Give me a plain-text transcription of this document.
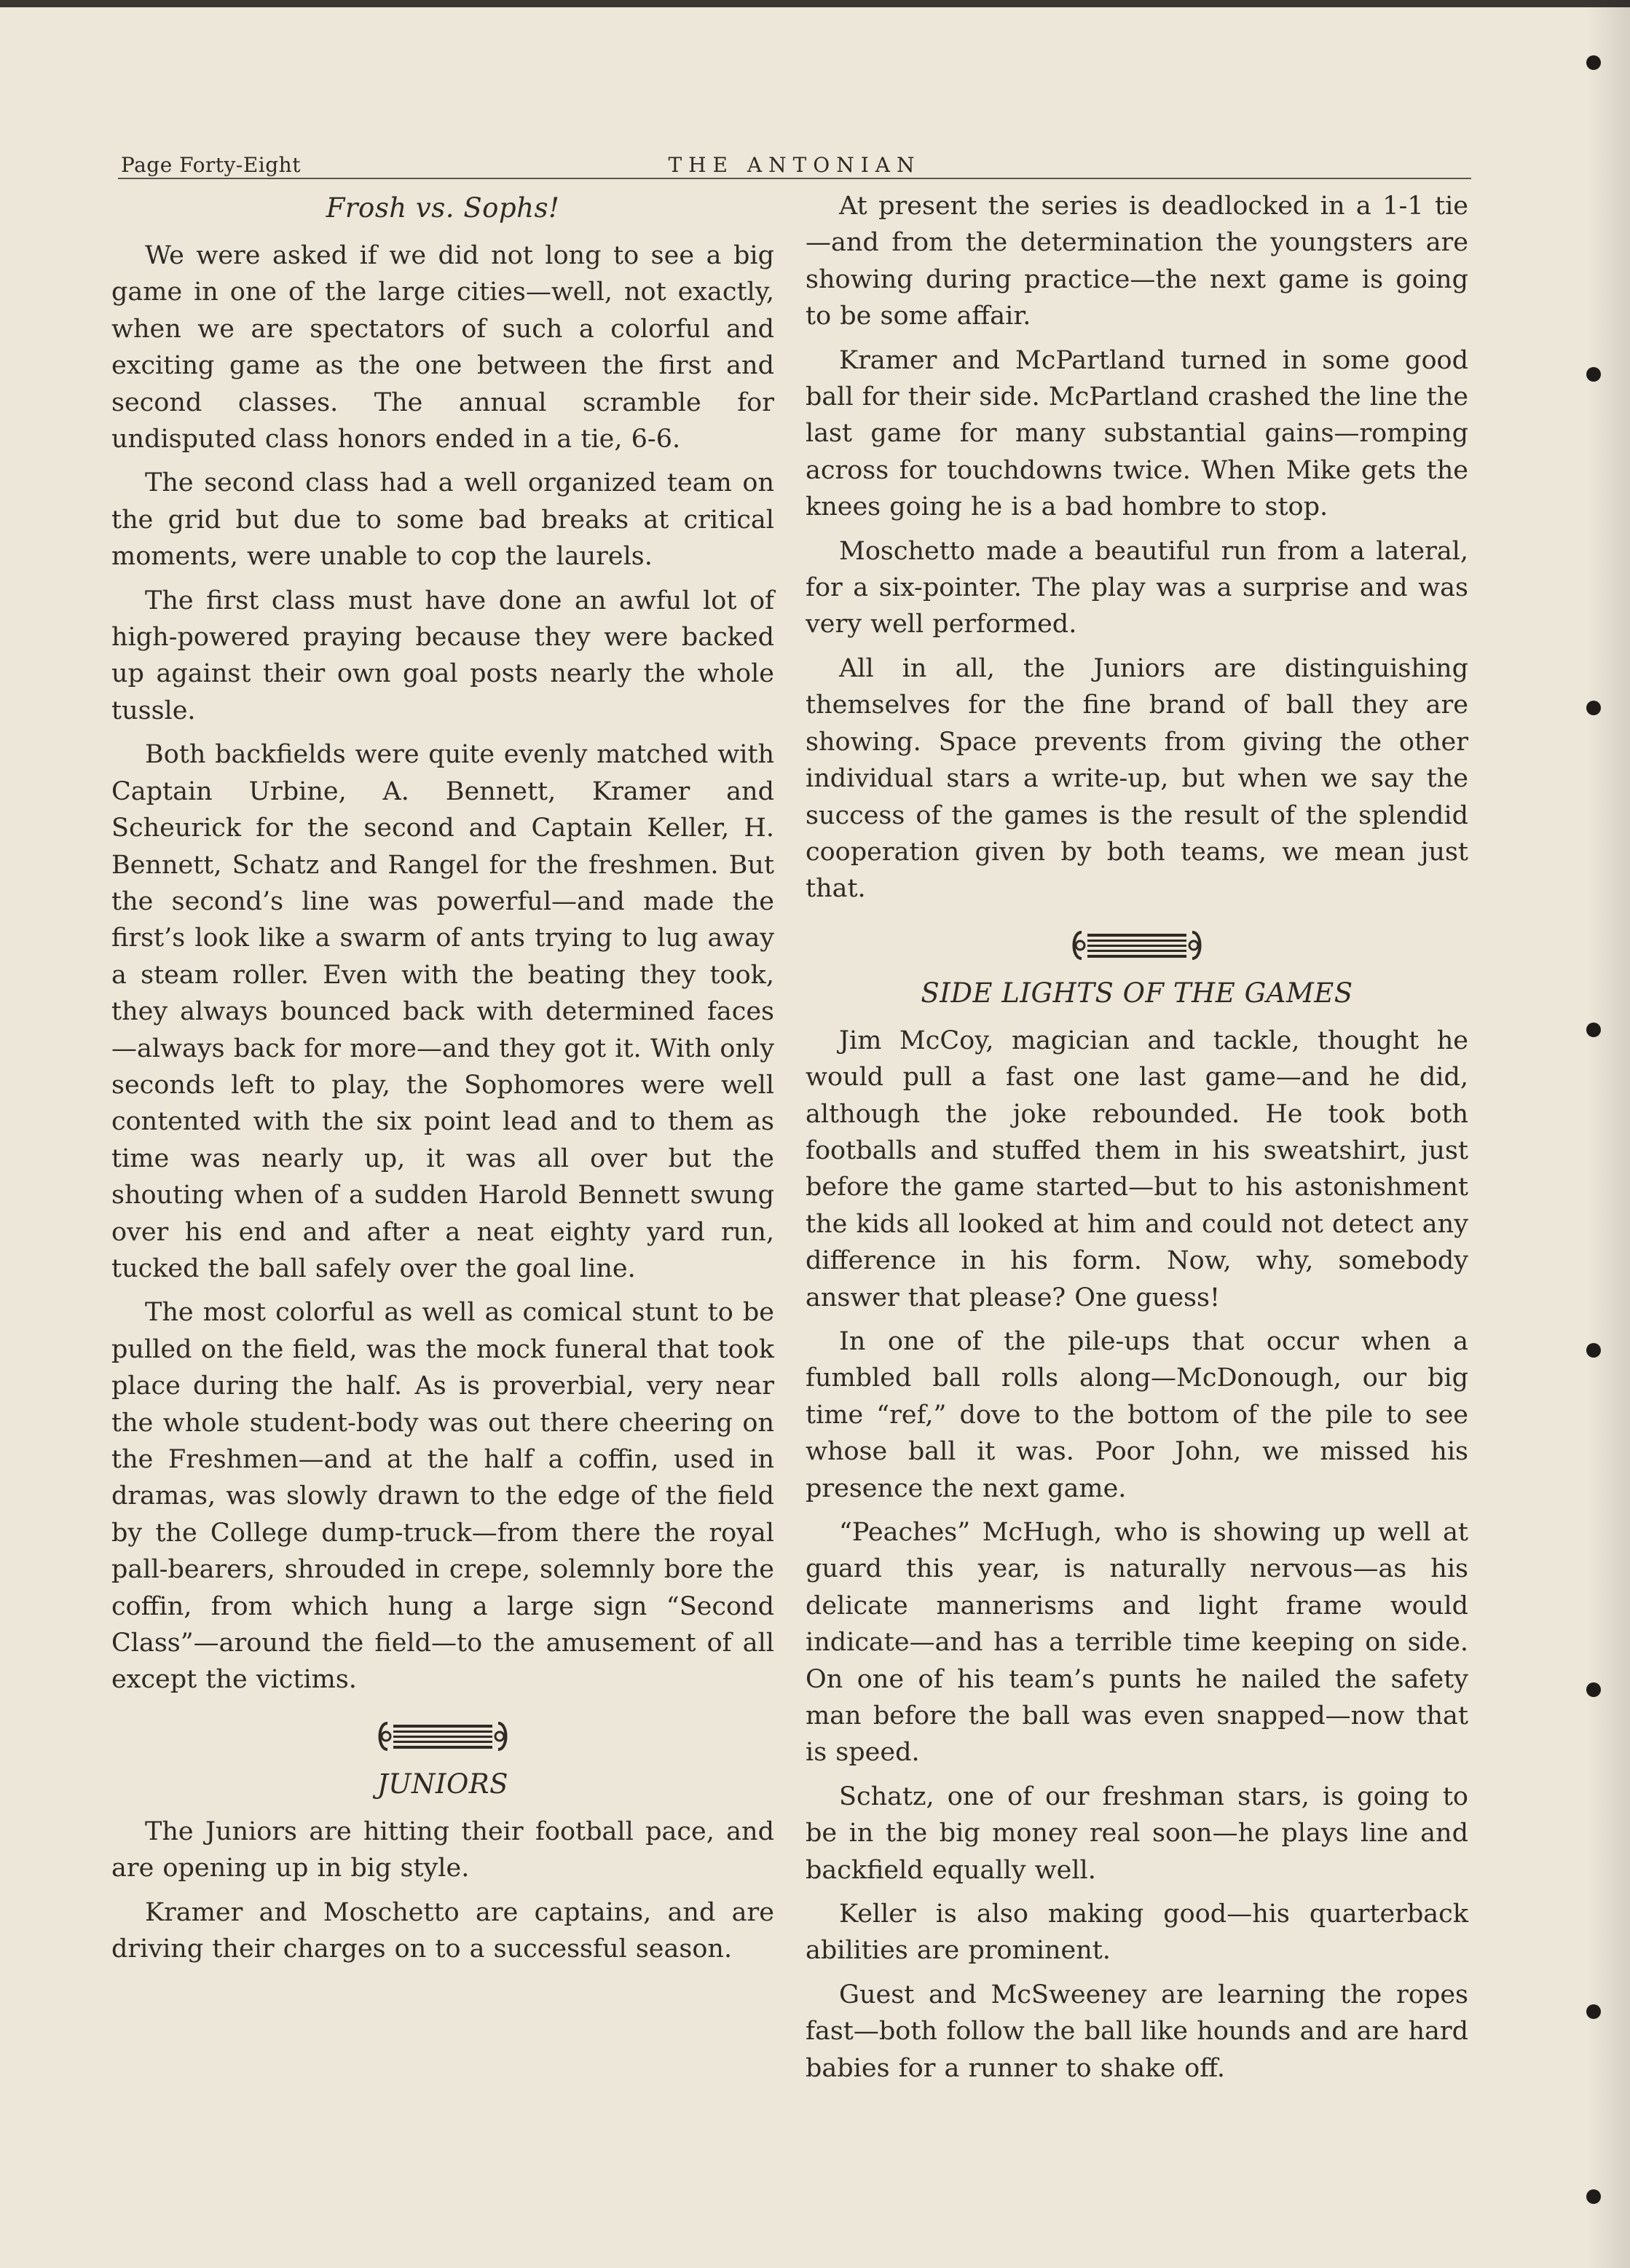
Page Forty-Eight	THE ANTONIAN
Frosh vs. Sophs!

We were asked if we did not long to see a big game in one of the large cities—well, not exactly, when we are spectators of such a colorful and exciting game as the one between the first and second classes. The annual scramble for undisputed class honors ended in a tie, 6-6.

The second class had a well organized team on the grid but due to some bad breaks at critical moments, were unable to cop the laurels.

The first class must have done an awful lot of high-powered praying because they were backed up against their own goal posts nearly the whole tussle.

Both backfields were quite evenly matched with Captain Urbine, A. Bennett, Kramer and Scheurick for the second and Captain Keller, H. Bennett, Schatz and Rangel for the freshmen. But the second’s line was powerful—and made the first’s look like a swarm of ants trying to lug away a steam roller. Even with the beating they took, they always bounced back with determined faces—always back for more—and they got it. With only seconds left to play, the Sophomores were well contented with the six point lead and to them as time was nearly up, it was all over but the shouting when of a sudden Harold Bennett swung over his end and after a neat eighty yard run, tucked the ball safely over the goal line.

The most colorful as well as comical stunt to be pulled on the field, was the mock funeral that took place during the half. As is proverbial, very near the whole student-body was out there cheering on the Freshmen—and at the half a coffin, used in dramas, was slowly drawn to the edge of the field by the College dump-truck—from there the royal pall-bearers, shrouded in crepe, solemnly bore the coffin, from which hung a large sign “Second Class”—around the field—to the amusement of all except the victims.

JUNIORS

The Juniors are hitting their football pace, and are opening up in big style.

Kramer and Moschetto are captains, and are driving their charges on to a successful season.

At present the series is deadlocked in a 1-1 tie—and from the determination the youngsters are showing during practice—the next game is going to be some affair.

Kramer and McPartland turned in some good ball for their side. McPartland crashed the line the last game for many substantial gains—romping across for touchdowns twice. When Mike gets the knees going he is a bad hombre to stop.

Moschetto made a beautiful run from a lateral, for a six-pointer. The play was a surprise and was very well performed.

All in all, the Juniors are distinguishing themselves for the fine brand of ball they are showing. Space prevents from giving the other individual stars a write-up, but when we say the success of the games is the result of the splendid cooperation given by both teams, we mean just that.

SIDE LIGHTS OF THE GAMES

Jim McCoy, magician and tackle, thought he would pull a fast one last game—and he did, although the joke rebounded. He took both footballs and stuffed them in his sweatshirt, just before the game started—but to his astonishment the kids all looked at him and could not detect any difference in his form. Now, why, somebody answer that please? One guess!

In one of the pile-ups that occur when a fumbled ball rolls along—McDonough, our big time “ref,” dove to the bottom of the pile to see whose ball it was. Poor John, we missed his presence the next game.

“Peaches” McHugh, who is showing up well at guard this year, is naturally nervous—as his delicate mannerisms and light frame would indicate—and has a terrible time keeping on side. On one of his team’s punts he nailed the safety man before the ball was even snapped—now that is speed.

Schatz, one of our freshman stars, is going to be in the big money real soon—he plays line and backfield equally well.

Keller is also making good—his quarterback abilities are prominent.

Guest and McSweeney are learning the ropes fast—both follow the ball like hounds and are hard babies for a runner to shake off.
